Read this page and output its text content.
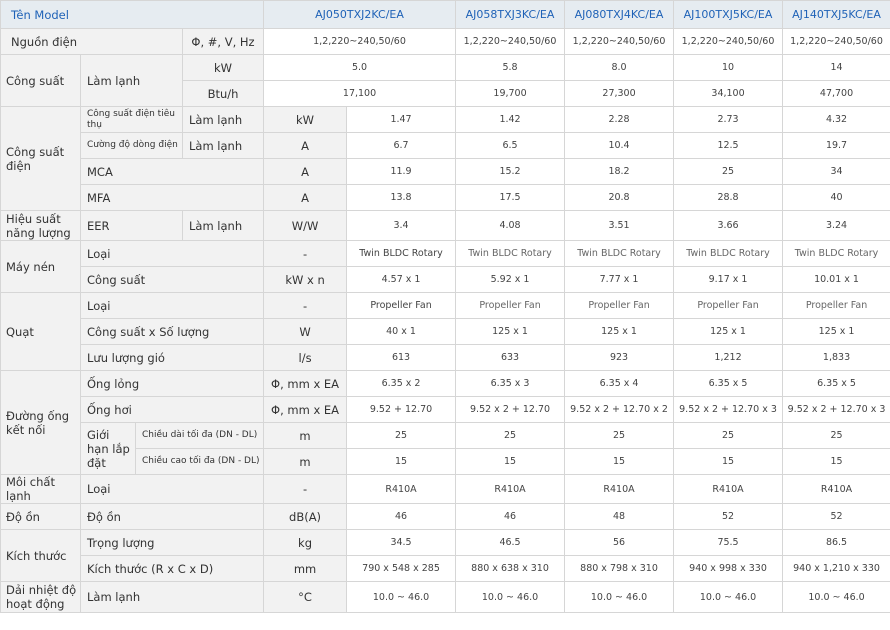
Tên Model				AJ050TXJ2KC/EA		AJ058TXJ3KC/EA	AJ080TXJ4KC/EA	AJ100TXJ5KC/EA	AJ140TXJ5KC/EA
Nguồn điện			Φ, #, V, Hz	1,2,220~240,50/60		1,2,220~240,50/60	1,2,220~240,50/60	1,2,220~240,50/60	1,2,220~240,50/60
Công suất	Làm lạnh		kW	5.0		5.8	8.0	10	14
			Btu/h	17,100		19,700	27,300	34,100	47,700
Công suất điện	Công suất điện tiêu thụ		Làm lạnh	kW	1.47	1.42	2.28	2.73	4.32
	Cường độ dòng điện		Làm lạnh	A	6.7	6.5	10.4	12.5	19.7
	MCA			A	11.9	15.2	18.2	25	34
	MFA			A	13.8	17.5	20.8	28.8	40
Hiệu suất năng lượng	EER		Làm lạnh	W/W	3.4	4.08	3.51	3.66	3.24
Máy nén	Loại			-	Twin BLDC Rotary	Twin BLDC Rotary	Twin BLDC Rotary	Twin BLDC Rotary	Twin BLDC Rotary
	Công suất			kW x n	4.57 x 1	5.92 x 1	7.77 x 1	9.17 x 1	10.01 x 1
Quạt	Loại			-	Propeller Fan	Propeller Fan	Propeller Fan	Propeller Fan	Propeller Fan
	Công suất x Số lượng			W	40 x 1	125 x 1	125 x 1	125 x 1	125 x 1
	Lưu lượng gió			l/s	613	633	923	1,212	1,833
Đường ống kết nối	Ống lỏng			Φ, mm x EA	6.35 x 2	6.35 x 3	6.35 x 4	6.35 x 5	6.35 x 5
	Ống hơi			Φ, mm x EA	9.52 + 12.70	9.52 x 2 + 12.70	9.52 x 2 + 12.70 x 2	9.52 x 2 + 12.70 x 3	9.52 x 2 + 12.70 x 3
	Giới hạn lắp đặt	Chiều dài tối đa (DN - DL)		m	25	25	25	25	25
		Chiều cao tối đa (DN - DL)		m	15	15	15	15	15
Môi chất lạnh	Loại			-	R410A	R410A	R410A	R410A	R410A
Độ ồn	Độ ồn			dB(A)	46	46	48	52	52
Kích thước	Trọng lượng			kg	34.5	46.5	56	75.5	86.5
	Kích thước (R x C x D)			mm	790 x 548 x 285	880 x 638 x 310	880 x 798 x 310	940 x 998 x 330	940 x 1,210 x 330
Dải nhiệt độ hoạt động	Làm lạnh			°C	10.0 ~ 46.0	10.0 ~ 46.0	10.0 ~ 46.0	10.0 ~ 46.0	10.0 ~ 46.0
